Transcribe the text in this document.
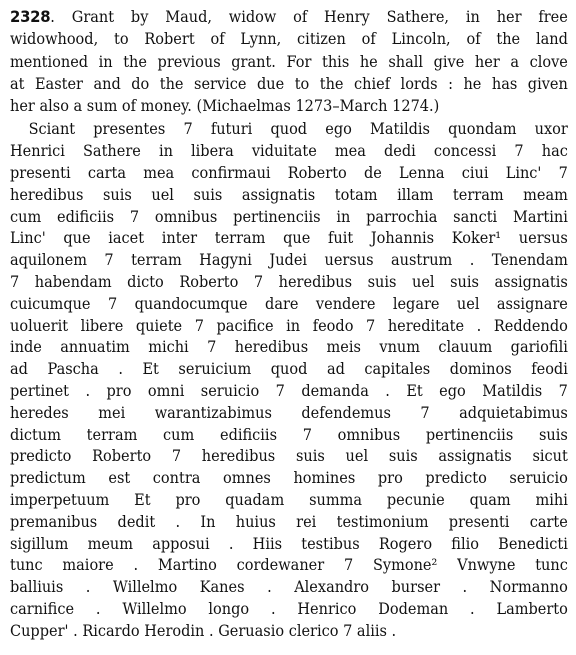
2328. Grant by Maud, widow of Henry Sathere, in her free
widowhood, to Robert of Lynn, citizen of Lincoln, of the land
mentioned in the previous grant. For this he shall give her a clove
at Easter and do the service due to the chief lords : he has given
her also a sum of money. (Michaelmas 1273–March 1274.)
Sciant presentes 7 futuri quod ego Matildis quondam uxor
Henrici Sathere in libera viduitate mea dedi concessi 7 hac
presenti carta mea confirmaui Roberto de Lenna ciui Linc' 7
heredibus suis uel suis assignatis totam illam terram meam
cum edificiis 7 omnibus pertinenciis in parrochia sancti Martini
Linc' que iacet inter terram que fuit Johannis Koker¹ uersus
aquilonem 7 terram Hagyni Judei uersus austrum . Tenendam
7 habendam dicto Roberto 7 heredibus suis uel suis assignatis
cuicumque 7 quandocumque dare vendere legare uel assignare
uoluerit libere quiete 7 pacifice in feodo 7 hereditate . Reddendo
inde annuatim michi 7 heredibus meis vnum clauum gariofili
ad Pascha . Et seruicium quod ad capitales dominos feodi
pertinet . pro omni seruicio 7 demanda . Et ego Matildis 7
heredes mei warantizabimus defendemus 7 adquietabimus
dictum terram cum edificiis 7 omnibus pertinenciis suis
predicto Roberto 7 heredibus suis uel suis assignatis sicut
predictum est contra omnes homines pro predicto seruicio
imperpetuum Et pro quadam summa pecunie quam mihi
premanibus dedit . In huius rei testimonium presenti carte
sigillum meum apposui . Hiis testibus Rogero filio Benedicti
tunc maiore . Martino cordewaner 7 Symone² Vnwyne tunc
balliuis . Willelmo Kanes . Alexandro burser . Normanno
carnifice . Willelmo longo . Henrico Dodeman . Lamberto
Cupper' . Ricardo Herodin . Geruasio clerico 7 aliis .
